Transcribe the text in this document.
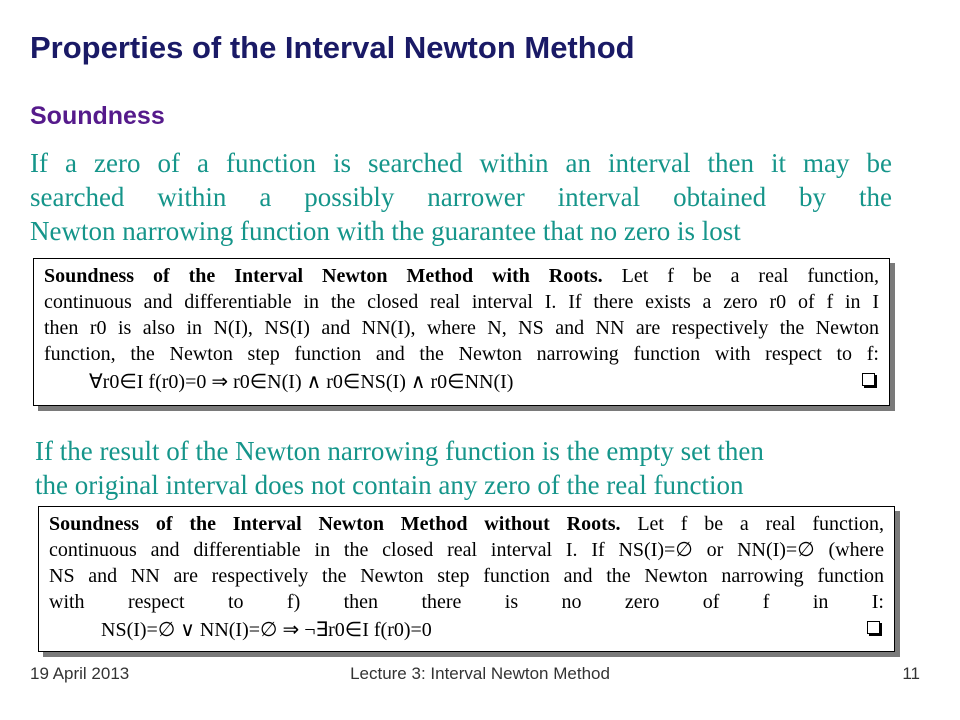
Properties of the Interval Newton Method
Soundness
If a zero of a function is searched within an interval then it may be
searched within a possibly narrower interval obtained by the
Newton narrowing function with the guarantee that no zero is lost
Soundness of the Interval Newton Method with Roots. Let f be a real function,
continuous and differentiable in the closed real interval I. If there exists a zero r0 of f in I
then r0 is also in N(I), NS(I) and NN(I), where N, NS and NN are respectively the Newton
function, the Newton step function and the Newton narrowing function with respect to f:
∀r0∈I f(r0)=0 ⇒ r0∈N(I) ∧ r0∈NS(I) ∧ r0∈NN(I)
If the result of the Newton narrowing function is the empty set then
the original interval does not contain any zero of the real function
Soundness of the Interval Newton Method without Roots. Let f be a real function,
continuous and differentiable in the closed real interval I. If NS(I)=∅ or NN(I)=∅ (where
NS and NN are respectively the Newton step function and the Newton narrowing function
with respect to f) then there is no zero of f in I:
NS(I)=∅ ∨ NN(I)=∅ ⇒ ¬∃r0∈I f(r0)=0
19 April 2013	Lecture 3: Interval Newton Method	11
